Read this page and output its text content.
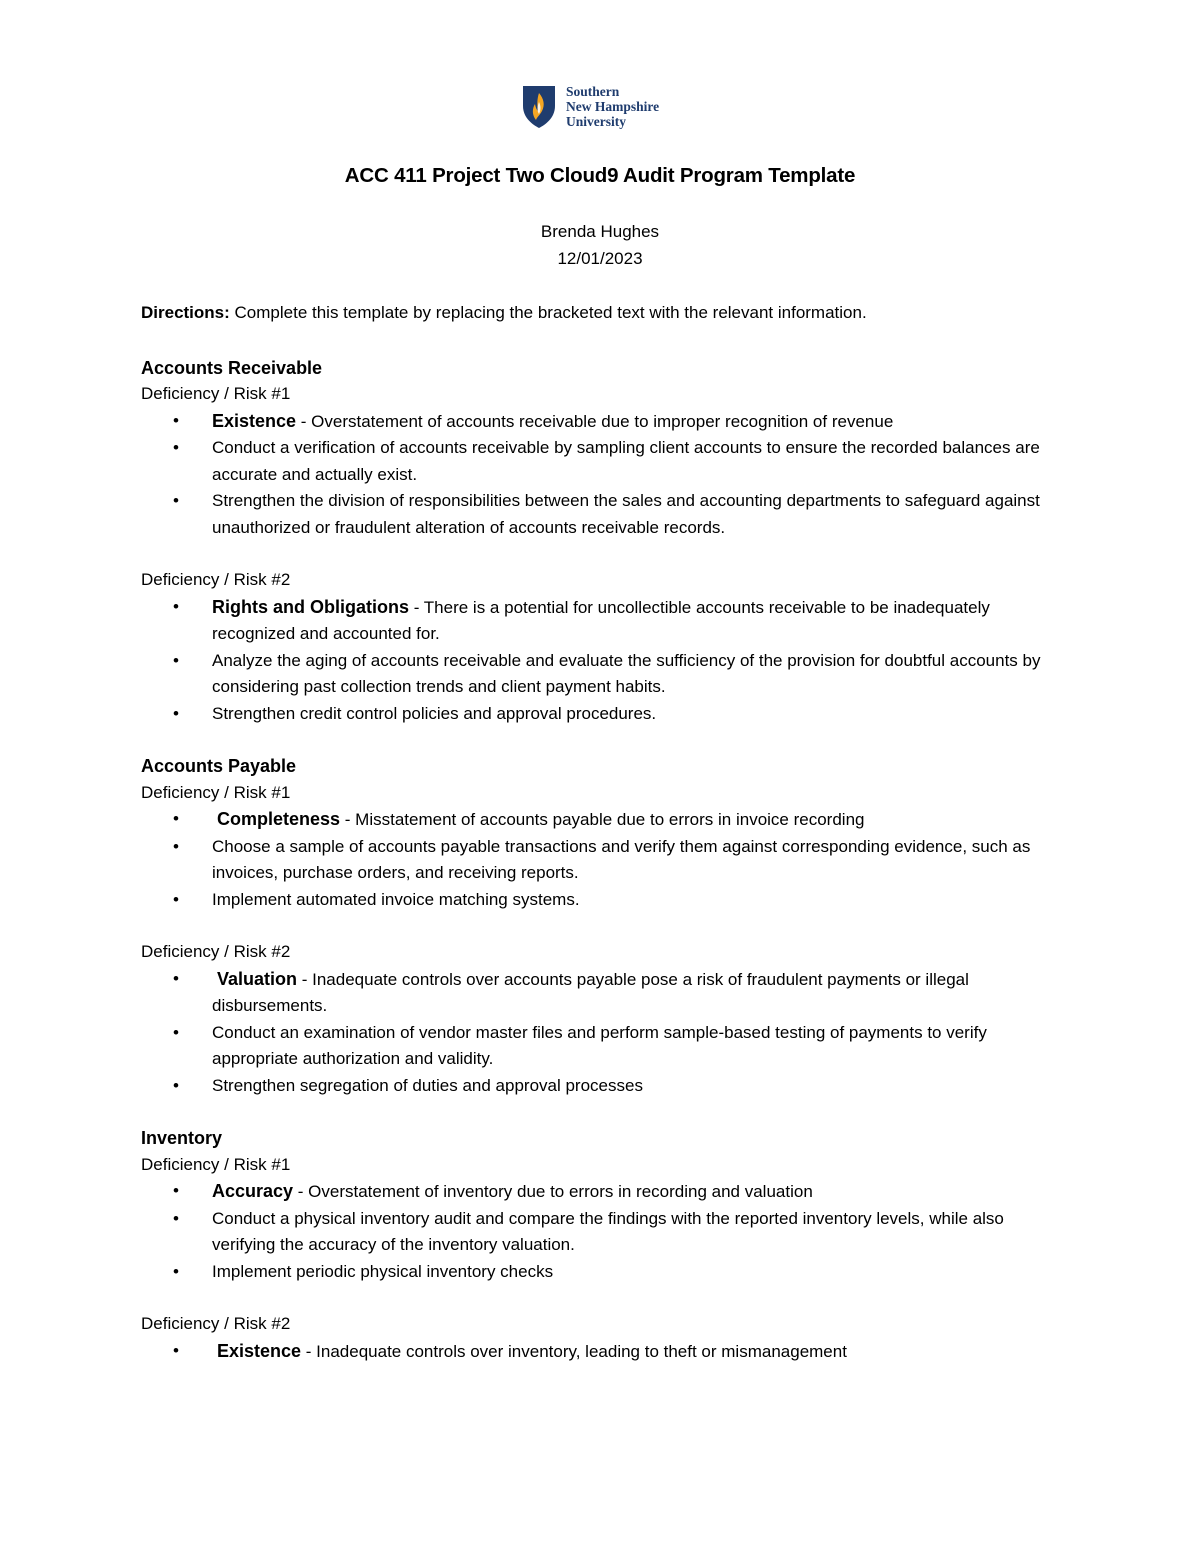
Southern
New Hampshire
University
ACC 411 Project Two Cloud9 Audit Program Template
Brenda Hughes
12/01/2023

Directions: Complete this template by replacing the bracketed text with the relevant information.

Accounts Receivable
Deficiency / Risk #1
• Existence - Overstatement of accounts receivable due to improper recognition of revenue
• Conduct a verification of accounts receivable by sampling client accounts to ensure the recorded balances are accurate and actually exist.
• Strengthen the division of responsibilities between the sales and accounting departments to safeguard against unauthorized or fraudulent alteration of accounts receivable records.
Deficiency / Risk #2
• Rights and Obligations - There is a potential for uncollectible accounts receivable to be inadequately recognized and accounted for.
• Analyze the aging of accounts receivable and evaluate the sufficiency of the provision for doubtful accounts by considering past collection trends and client payment habits.
• Strengthen credit control policies and approval procedures.
Accounts Payable
Deficiency / Risk #1
• Completeness - Misstatement of accounts payable due to errors in invoice recording
• Choose a sample of accounts payable transactions and verify them against corresponding evidence, such as invoices, purchase orders, and receiving reports.
• Implement automated invoice matching systems.
Deficiency / Risk #2
• Valuation - Inadequate controls over accounts payable pose a risk of fraudulent payments or illegal disbursements.
• Conduct an examination of vendor master files and perform sample-based testing of payments to verify appropriate authorization and validity.
• Strengthen segregation of duties and approval processes
Inventory
Deficiency / Risk #1
• Accuracy - Overstatement of inventory due to errors in recording and valuation
• Conduct a physical inventory audit and compare the findings with the reported inventory levels, while also verifying the accuracy of the inventory valuation.
• Implement periodic physical inventory checks
Deficiency / Risk #2
• Existence - Inadequate controls over inventory, leading to theft or mismanagement
